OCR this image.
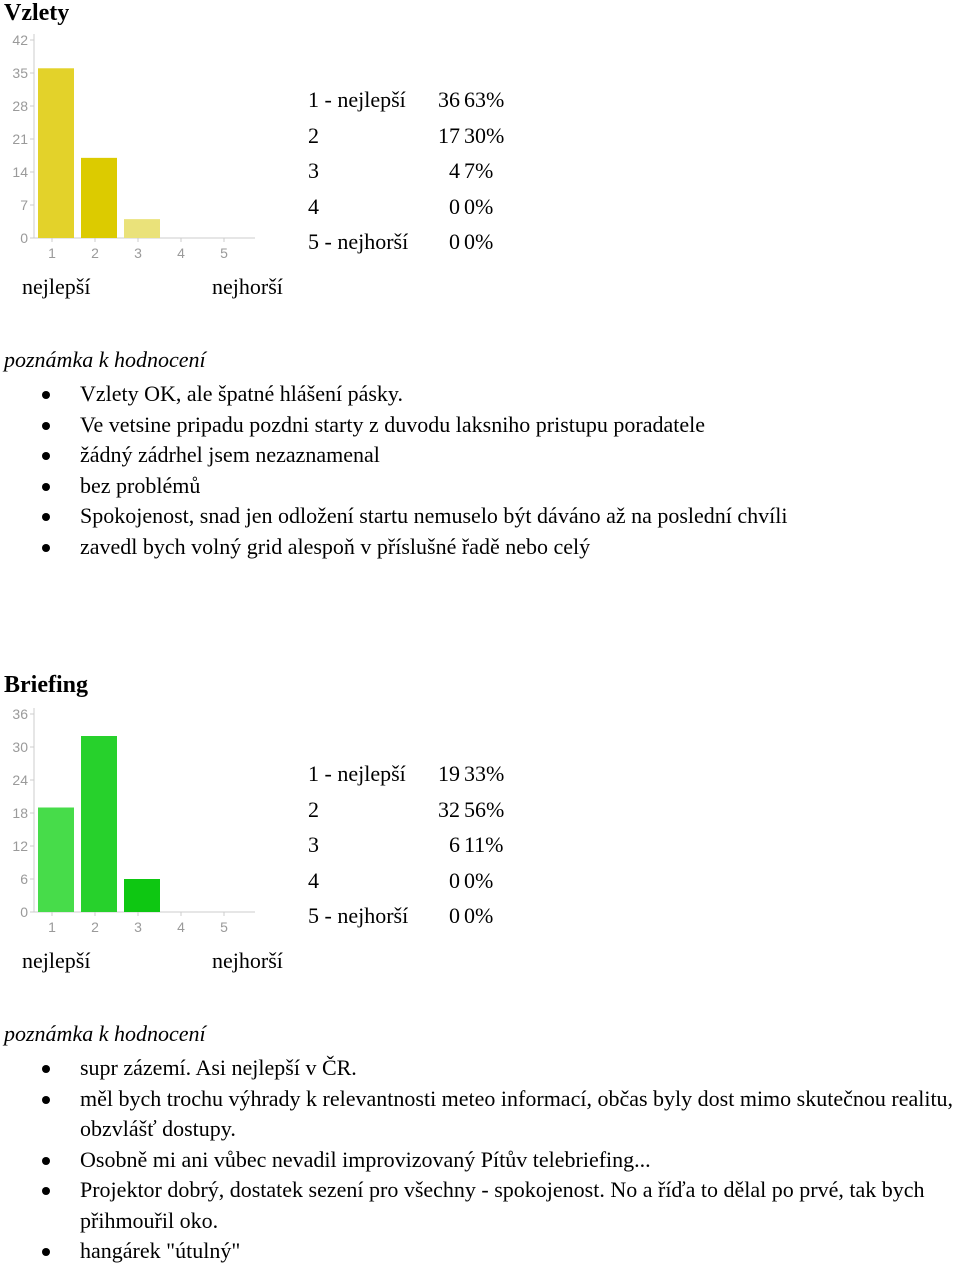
Vzlety
0
7
14
21
28
35
42
1	2	3	4	5
1 - nejlepší	36 63%
2	17 30%
3	4 7%
4	0 0%
5 - nejhorší	0 0%
nejlepší	nejhorší
poznámka k hodnocení
Vzlety OK, ale špatné hlášení pásky.
Ve vetsine pripadu pozdni starty z duvodu laksniho pristupu poradatele
žádný zádrhel jsem nezaznamenal
bez problémů
Spokojenost, snad jen odložení startu nemuselo být dáváno až na poslední chvíli
zavedl bych volný grid alespoň v příslušné řadě nebo celý
Briefing
0
6
12
18
24
30
36
1	2	3	4	5
1 - nejlepší	19 33%
2	32 56%
3	6 11%
4	0 0%
5 - nejhorší	0 0%
nejlepší	nejhorší
poznámka k hodnocení
supr zázemí. Asi nejlepší v ČR.
měl bych trochu výhrady k relevantnosti meteo informací, občas byly dost mimo skutečnou realitu, obzvlášť dostupy.
Osobně mi ani vůbec nevadil improvizovaný Pítův telebriefing...
Projektor dobrý, dostatek sezení pro všechny - spokojenost. No a říďa to dělal po prvé, tak bych přihmouřil oko.
hangárek "útulný"
